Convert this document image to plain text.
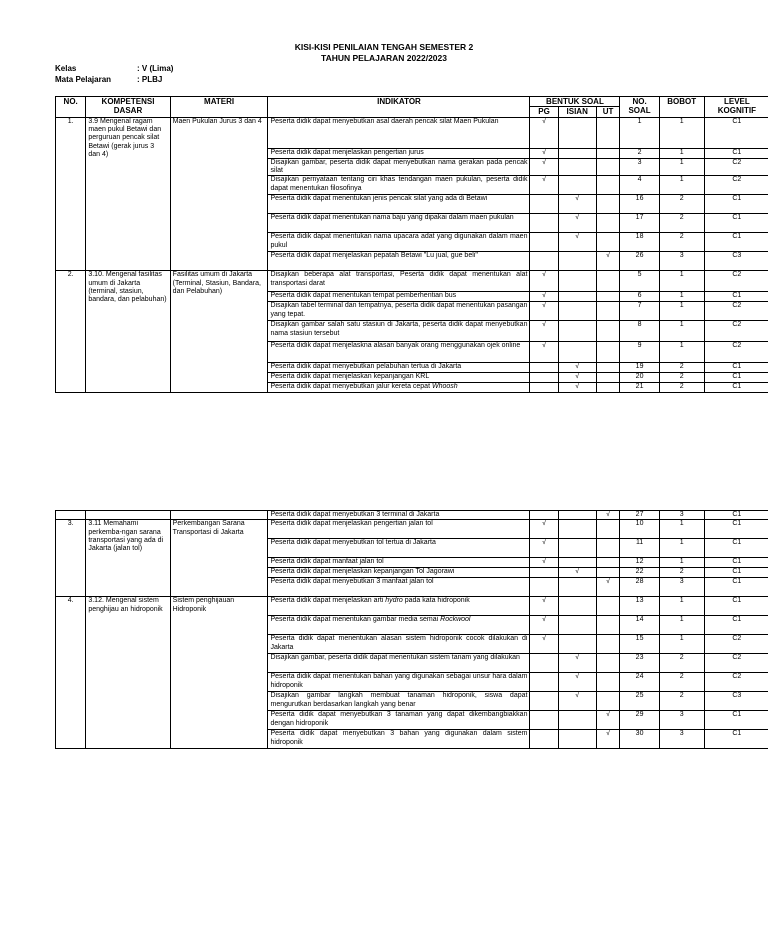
KISI-KISI PENILAIAN TENGAH SEMESTER 2
TAHUN PELAJARAN 2022/2023
Kelas	: V (Lima)
Mata Pelajaran	: PLBJ
NO.	KOMPETENSI DASAR	MATERI	INDIKATOR	BENTUK SOAL			NO. SOAL	BOBOT	LEVEL KOGNITIF
				PG	ISIAN	UT			
1.	3.9 Mengenal ragam maen pukul Betawi dan perguruan pencak silat Betawi (gerak jurus 3 dan 4)	Maen Pukulan Jurus 3 dan 4	Peserta didik dapat menyebutkan asal daerah pencak silat Maen Pukulan	√			1	1	C1
			Peserta didik dapat menjelaskan pengertian jurus	√			2	1	C1
			Disajikan gambar, peserta didik dapat menyebutkan nama gerakan pada pencak silat	√			3	1	C2
			Disajikan pernyataan tentang ciri khas tendangan maen pukulan, peserta didik dapat menentukan filosofinya	√			4	1	C2
			Peserta didik dapat menentukan jenis pencak silat yang ada di Betawi		√		16	2	C1
			Peserta didik dapat menentukan nama baju yang dipakai dalam maen pukulan		√		17	2	C1
			Peserta didik dapat menentukan nama upacara adat yang digunakan dalam maen pukul		√		18	2	C1
			Peserta didik dapat menjelaskan pepatah Betawi "Lu jual, gue beli"			√	26	3	C3
2.	3.10. Mengenal fasilitas umum di Jakarta (terminal, stasiun, bandara, dan pelabuhan)	Fasilitas umum di Jakarta (Terminal, Stasiun, Bandara, dan Pelabuhan)	Disajikan beberapa alat transportasi, Peserta didik dapat menentukan alat transportasi darat	√			5	1	C2
			Peserta didik dapat menentukan tempat pemberhentian bus	√			6	1	C1
			Disajikan tabel terminal dan tempatnya, peserta didik dapat menentukan pasangan yang tepat.	√			7	1	C2
			Disajikan gambar salah satu stasiun di Jakarta, peserta didik dapat menyebutkan nama stasiun tersebut	√			8	1	C2
			Peserta didik dapat menjelaskna alasan banyak orang menggunakan ojek online	√			9	1	C2
			Peserta didik dapat menyebutkan pelabuhan tertua di Jakarta		√		19	2	C1
			Peserta didik dapat menjelaskan kepanjangan KRL		√		20	2	C1
			Peserta didik dapat menyebutkan jalur kereta cepat Whoosh		√		21	2	C1
			Peserta didik dapat menyebutkan 3 terminal di Jakarta			√	27	3	C1
3.	3.11 Memahami perkemba-ngan sarana transportasi yang ada di Jakarta (jalan tol)	Perkembangan Sarana Transportasi di Jakarta	Peserta didik dapat menjelaskan pengertian jalan tol	√			10	1	C1
			Peserta didik dapat menyebutkan tol tertua di Jakarta	√			11	1	C1
			Peserta didik dapat manfaat jalan tol	√			12	1	C1
			Peserta didik dapat menjelaskan kepanjangan Tol Jagorawi		√		22	2	C1
			Peserta didik dapat menyebutkan 3 manfaat jalan tol			√	28	3	C1
4.	3.12. Mengenal sistem penghijau an hidroponik	Sistem penghijauan Hidroponik	Peserta didik dapat menjelaskan arti hydro pada kata hidroponik	√			13	1	C1
			Peserta didik dapat menentukan gambar media semai Rockwool	√			14	1	C1
			Peserta didik dapat menentukan alasan sistem hidroponik cocok dilakukan di Jakarta	√			15	1	C2
			Disajikan gambar, peserta didik dapat menentukan sistem tanam yang dilakukan		√		23	2	C2
			Peserta didik dapat menentukan bahan yang digunakan sebagai unsur hara dalam hidroponik		√		24	2	C2
			Disajikan gambar langkah membuat tanaman hidroponik, siswa dapat mengurutkan berdasarkan langkah yang benar		√		25	2	C3
			Peserta didik dapat menyebutkan 3 tanaman yang dapat dikembangbiakkan dengan hidroponik			√	29	3	C1
			Peserta didik dapat menyebutkan 3 bahan yang digunakan dalam sistem hidroponik			√	30	3	C1
